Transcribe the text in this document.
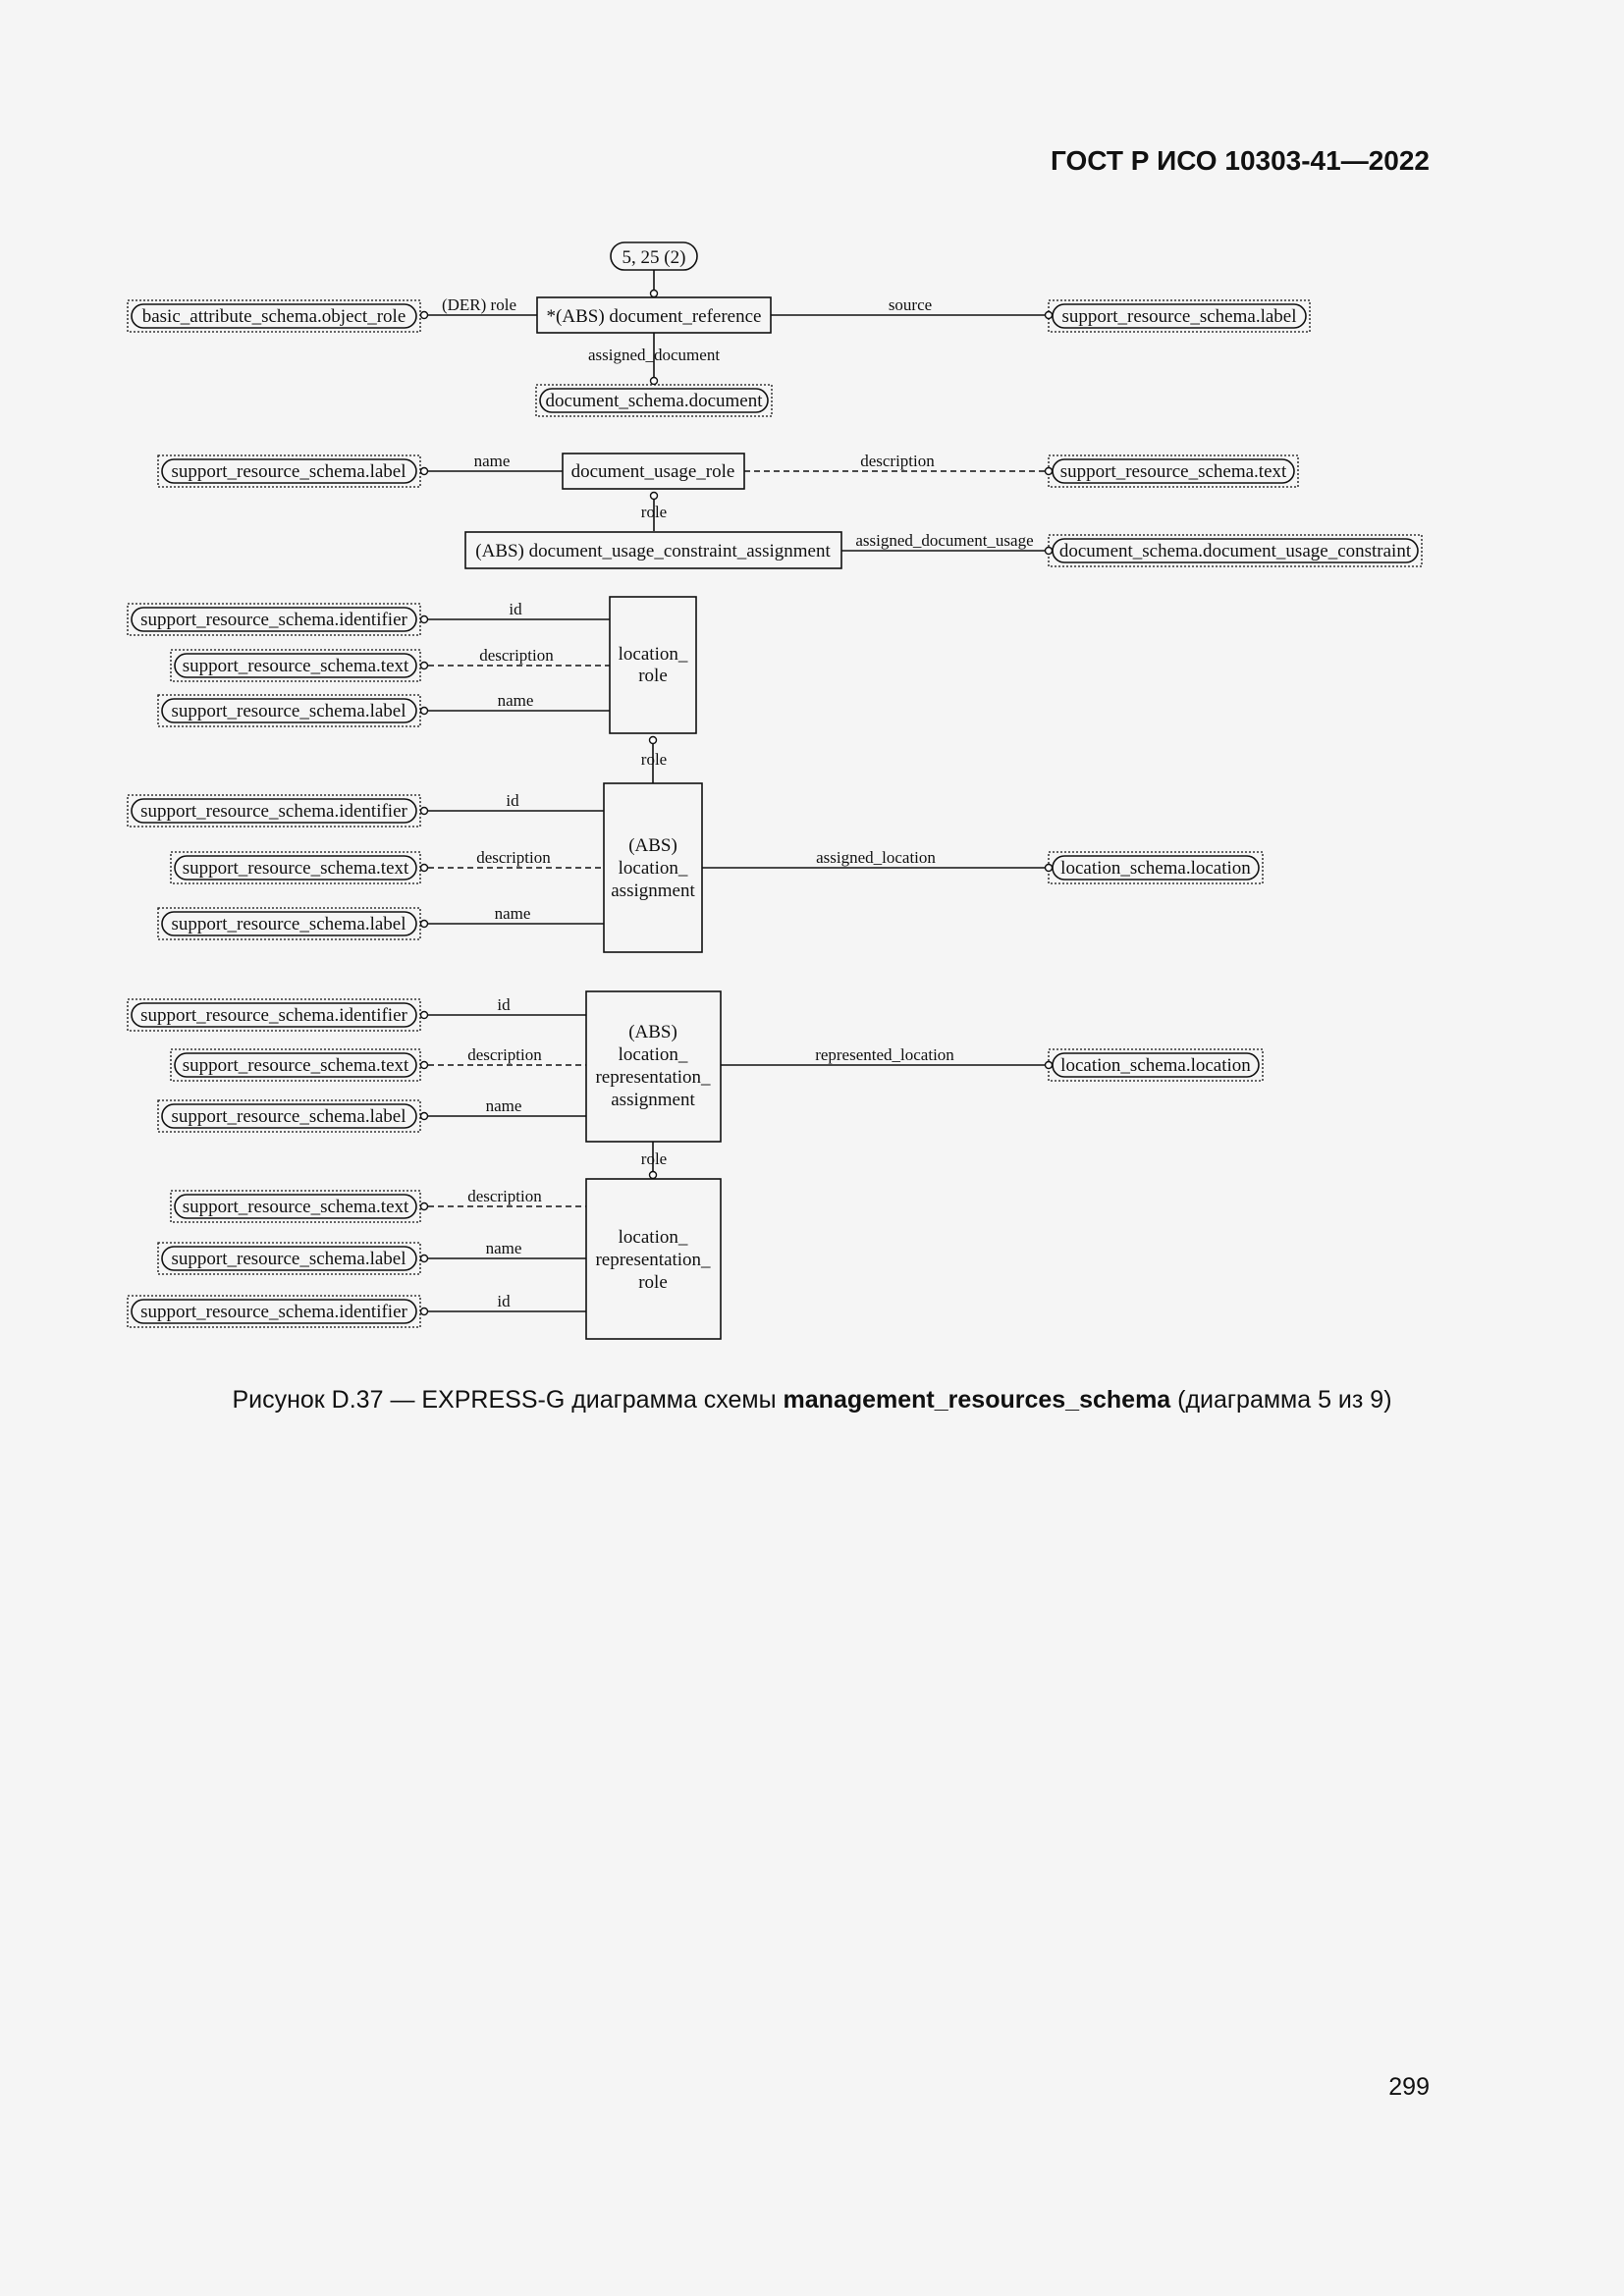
ГОСТ Р ИСО 10303-41—2022
5, 25 (2)
*(ABS) document_reference
basic_attribute_schema.object_role
(DER) role
support_resource_schema.label
source
assigned_document
document_schema.document
document_usage_role
support_resource_schema.label
name
support_resource_schema.text
description
role
(ABS) document_usage_constraint_assignment	document_schema.document_usage_constraint
assigned_document_usage
location_
role
support_resource_schema.identifier
id
support_resource_schema.text
description
support_resource_schema.label
name
role
(ABS)
location_
assignment
support_resource_schema.identifier
id
support_resource_schema.text
description
support_resource_schema.label
name
location_schema.location
assigned_location
(ABS)
location_
representation_
assignment
support_resource_schema.identifier
id
support_resource_schema.text
description
support_resource_schema.label
name
location_schema.location
represented_location
role
location_
representation_
role
support_resource_schema.text
description
support_resource_schema.label
name
support_resource_schema.identifier
id
Рисунок D.37 — EXPRESS-G диаграмма схемы management_resources_schema (диаграмма 5 из 9)
299
